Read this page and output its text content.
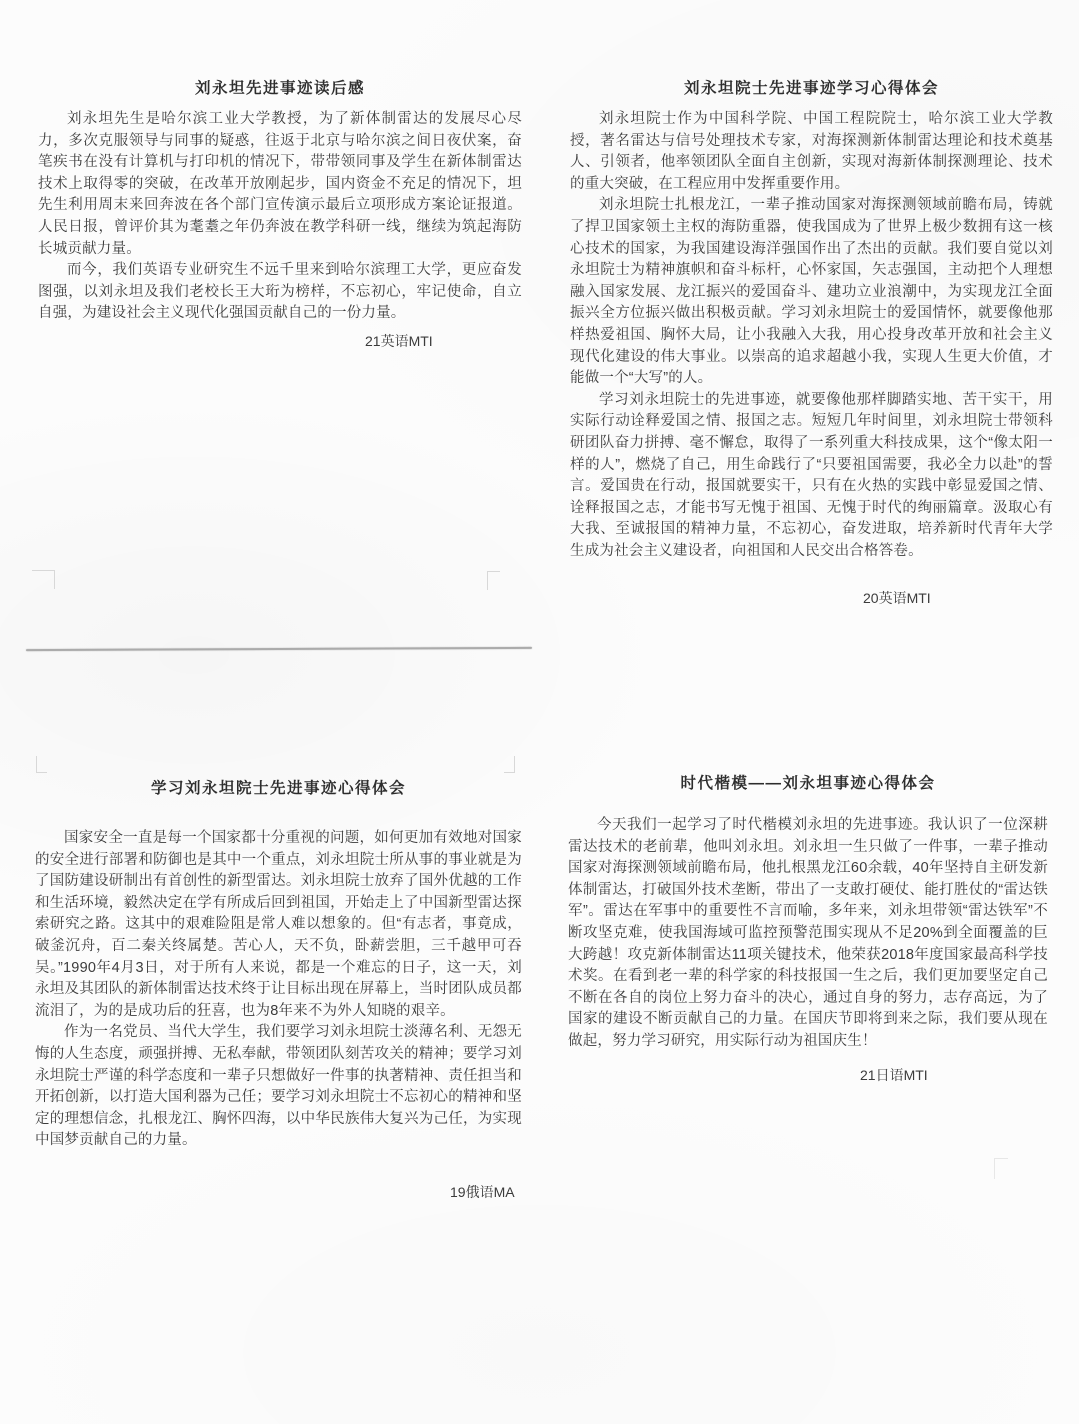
刘永坦先进事迹读后感

刘永坦先生是哈尔滨工业大学教授，为了新体制雷达的发展尽心尽力，多次克服领导与同事的疑惑，往返于北京与哈尔滨之间日夜伏案，奋笔疾书在没有计算机与打印机的情况下，带带领同事及学生在新体制雷达技术上取得零的突破，在改革开放刚起步，国内资金不充足的情况下，坦先生利用周末来回奔波在各个部门宣传演示最后立项形成方案论证报道。人民日报，曾评价其为耄耋之年仍奔波在教学科研一线，继续为筑起海防长城贡献力量。

而今，我们英语专业研究生不远千里来到哈尔滨理工大学，更应奋发图强，以刘永坦及我们老校长王大珩为榜样，不忘初心，牢记使命，自立自强，为建设社会主义现代化强国贡献自己的一份力量。

21英语MTI
刘永坦院士先进事迹学习心得体会

刘永坦院士作为中国科学院、中国工程院院士，哈尔滨工业大学教授，著名雷达与信号处理技术专家，对海探测新体制雷达理论和技术奠基人、引领者，他率领团队全面自主创新，实现对海新体制探测理论、技术的重大突破，在工程应用中发挥重要作用。

刘永坦院士扎根龙江，一辈子推动国家对海探测领域前瞻布局，铸就了捍卫国家领土主权的海防重器，使我国成为了世界上极少数拥有这一核心技术的国家，为我国建设海洋强国作出了杰出的贡献。我们要自觉以刘永坦院士为精神旗帜和奋斗标杆，心怀家国，矢志强国，主动把个人理想融入国家发展、龙江振兴的爱国奋斗、建功立业浪潮中，为实现龙江全面振兴全方位振兴做出积极贡献。学习刘永坦院士的爱国情怀，就要像他那样热爱祖国、胸怀大局，让小我融入大我，用心投身改革开放和社会主义现代化建设的伟大事业。以崇高的追求超越小我，实现人生更大价值，才能做一个“大写”的人。

学习刘永坦院士的先进事迹，就要像他那样脚踏实地、苦干实干，用实际行动诠释爱国之情、报国之志。短短几年时间里，刘永坦院士带领科研团队奋力拼搏、毫不懈怠，取得了一系列重大科技成果，这个“像太阳一样的人”，燃烧了自己，用生命践行了“只要祖国需要，我必全力以赴”的誓言。爱国贵在行动，报国就要实干，只有在火热的实践中彰显爱国之情、诠释报国之志，才能书写无愧于祖国、无愧于时代的绚丽篇章。汲取心有大我、至诚报国的精神力量，不忘初心，奋发进取，培养新时代青年大学生成为社会主义建设者，向祖国和人民交出合格答卷。

20英语MTI
学习刘永坦院士先进事迹心得体会

国家安全一直是每一个国家都十分重视的问题，如何更加有效地对国家的安全进行部署和防御也是其中一个重点，刘永坦院士所从事的事业就是为了国防建设研制出有首创性的新型雷达。刘永坦院士放弃了国外优越的工作和生活环境，毅然决定在学有所成后回到祖国，开始走上了中国新型雷达探索研究之路。这其中的艰难险阻是常人难以想象的。但“有志者，事竟成，破釜沉舟，百二秦关终属楚。苦心人，天不负，卧薪尝胆，三千越甲可吞吴。”1990年4月3日，对于所有人来说，都是一个难忘的日子，这一天，刘永坦及其团队的新体制雷达技术终于让目标出现在屏幕上，当时团队成员都流泪了，为的是成功后的狂喜，也为8年来不为外人知晓的艰辛。

作为一名党员、当代大学生，我们要学习刘永坦院士淡薄名利、无怨无悔的人生态度，顽强拼搏、无私奉献，带领团队刻苦攻关的精神；要学习刘永坦院士严谨的科学态度和一辈子只想做好一件事的执著精神、责任担当和开拓创新，以打造大国利器为己任；要学习刘永坦院士不忘初心的精神和坚定的理想信念，扎根龙江、胸怀四海，以中华民族伟大复兴为己任，为实现中国梦贡献自己的力量。

19俄语MA
时代楷模——刘永坦事迹心得体会

今天我们一起学习了时代楷模刘永坦的先进事迹。我认识了一位深耕雷达技术的老前辈，他叫刘永坦。刘永坦一生只做了一件事，一辈子推动国家对海探测领域前瞻布局，他扎根黑龙江60余载，40年坚持自主研发新体制雷达，打破国外技术垄断，带出了一支敢打硬仗、能打胜仗的“雷达铁军”。雷达在军事中的重要性不言而喻，多年来，刘永坦带领“雷达铁军”不断攻坚克难，使我国海域可监控预警范围实现从不足20%到全面覆盖的巨大跨越！攻克新体制雷达11项关键技术，他荣获2018年度国家最高科学技术奖。在看到老一辈的科学家的科技报国一生之后，我们更加要坚定自己不断在各自的岗位上努力奋斗的决心，通过自身的努力，志存高远，为了国家的建设不断贡献自己的力量。在国庆节即将到来之际，我们要从现在做起，努力学习研究，用实际行动为祖国庆生！

21日语MTI
